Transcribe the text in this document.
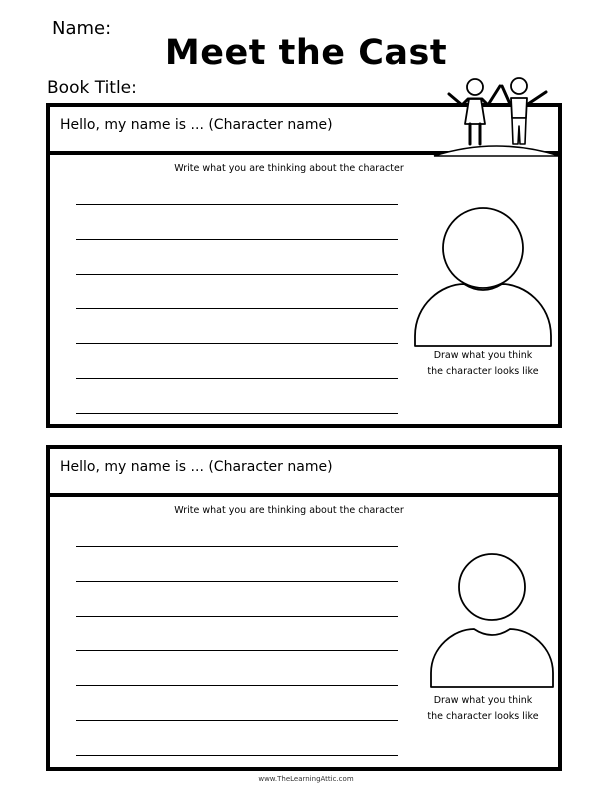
Name:
Meet the Cast
Book Title:
Hello, my name is ... (Character name)
Write what you are thinking about the character
Draw what you think
the character looks like
Hello, my name is ... (Character name)
Write what you are thinking about the character
Draw what you think
the character looks like
www.TheLearningAttic.com
